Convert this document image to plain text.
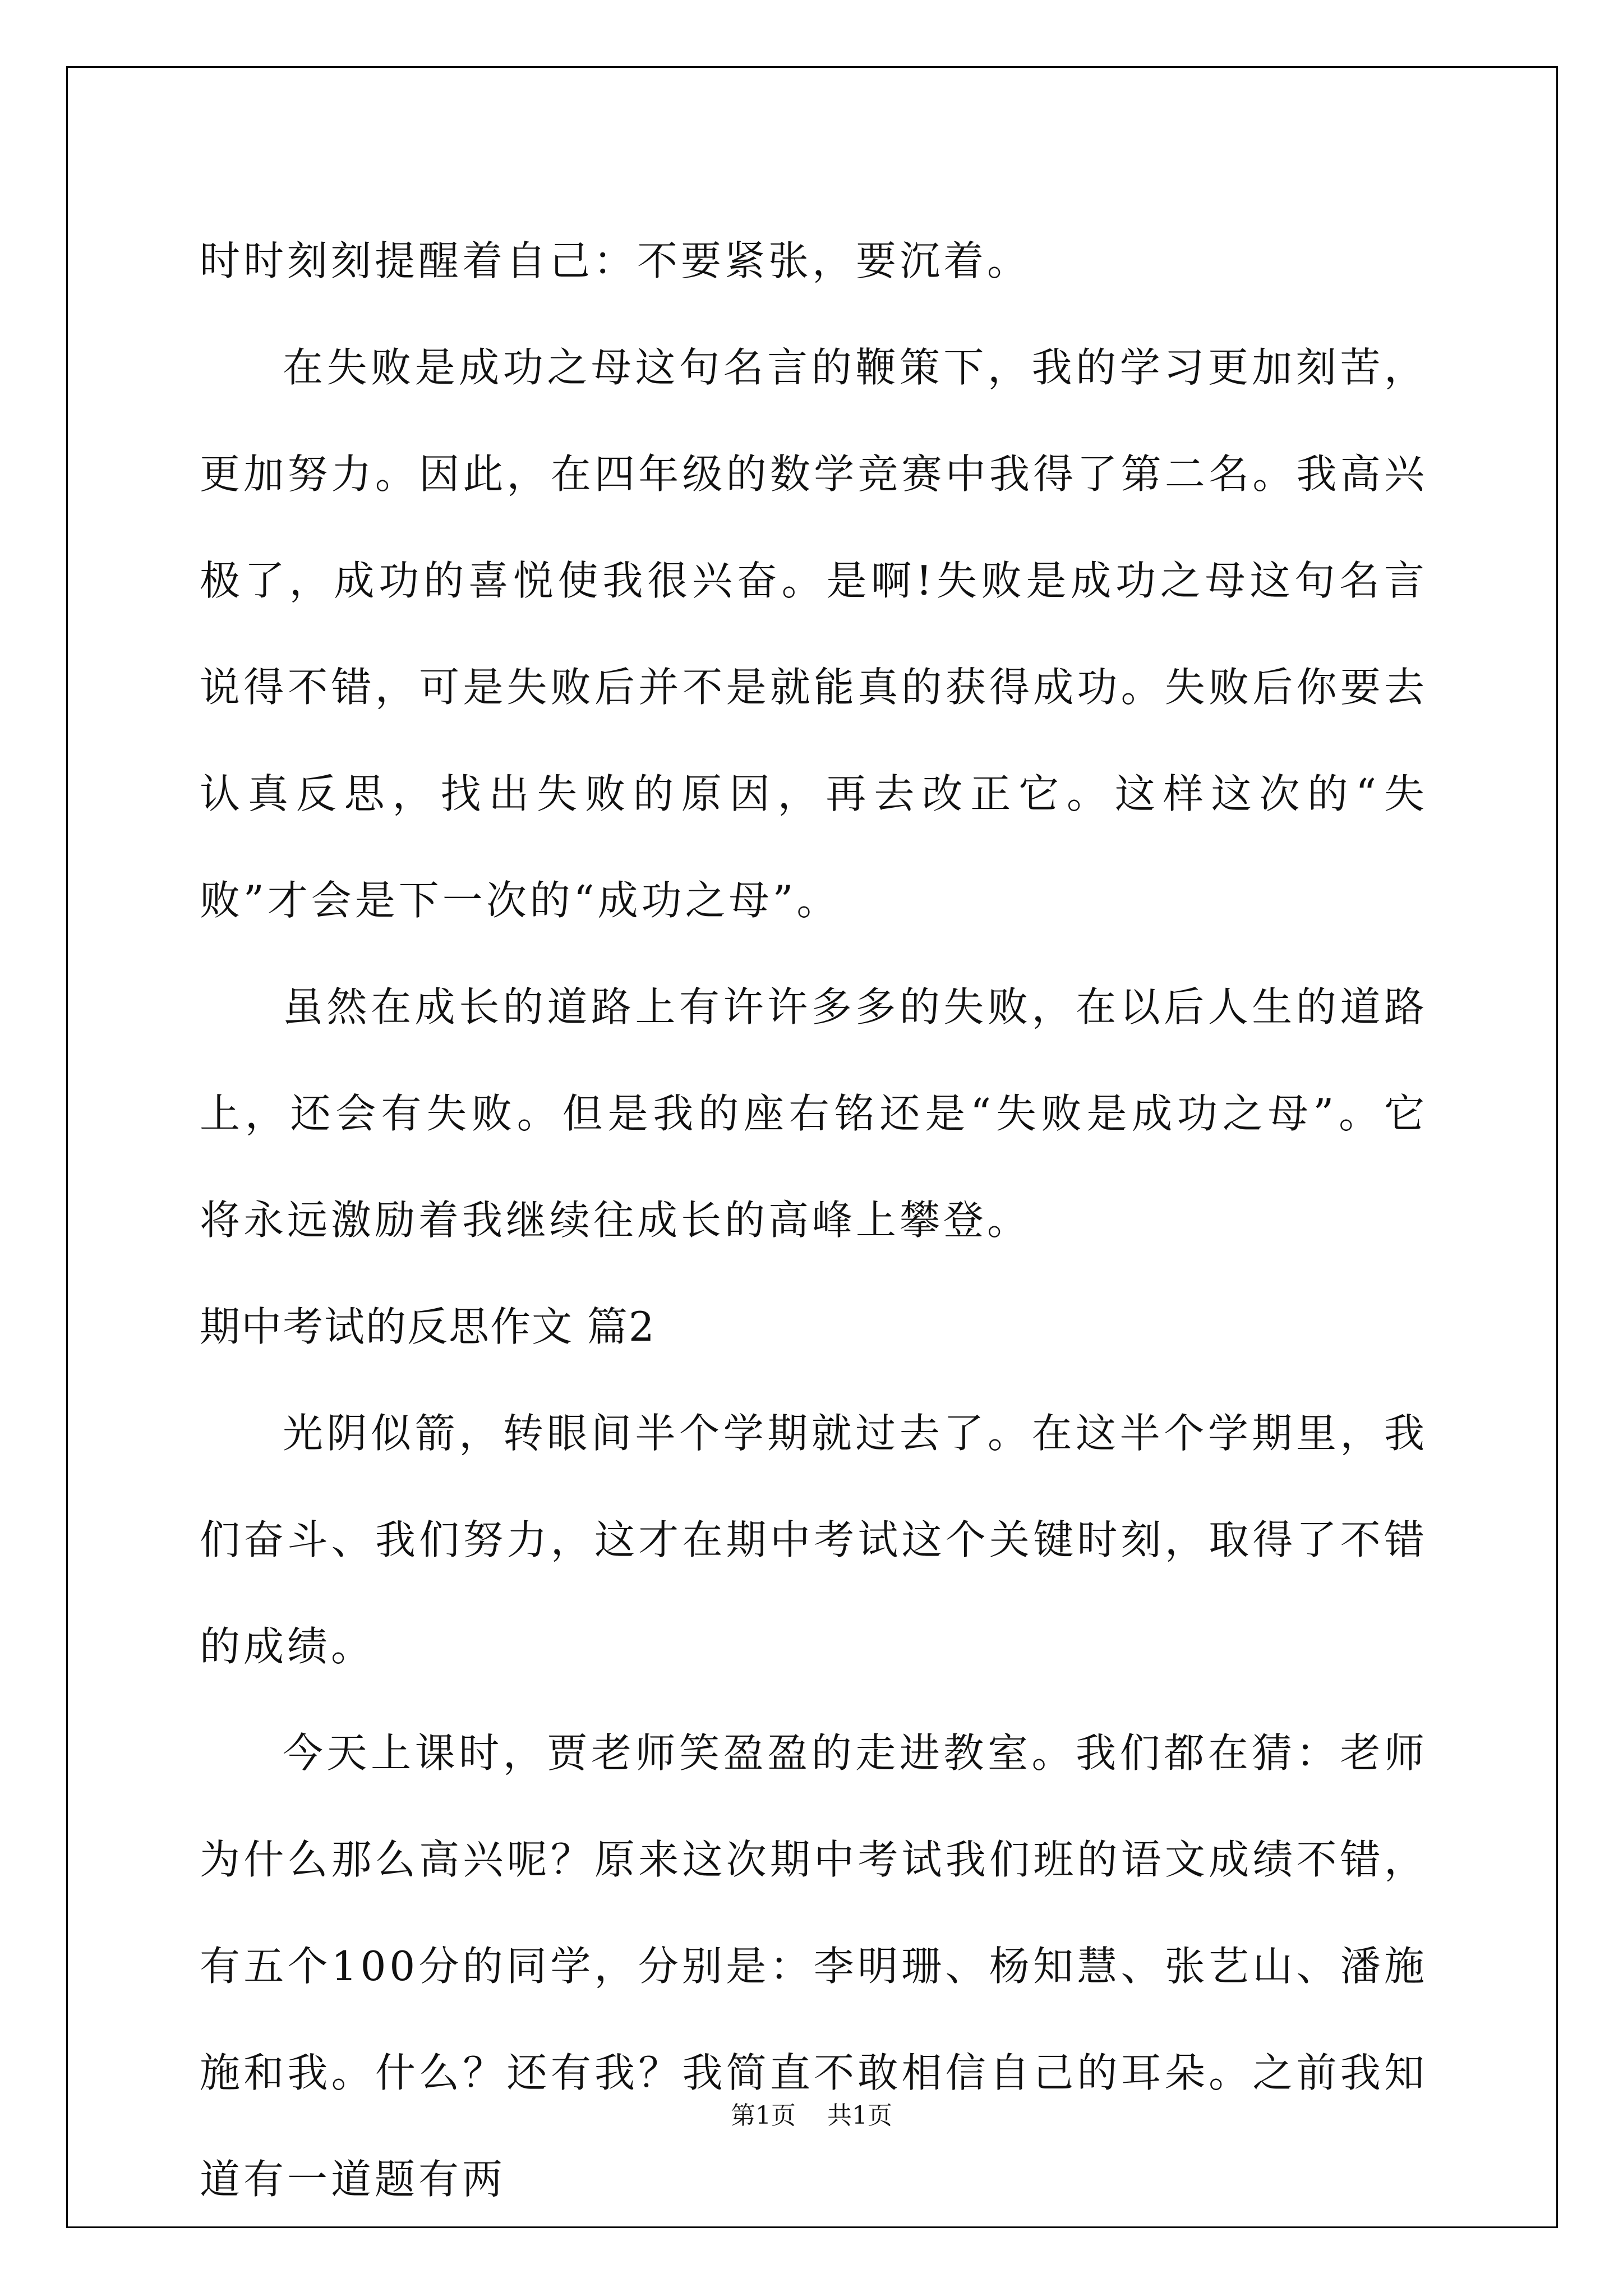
时时刻刻提醒着自己：不要紧张，要沉着。

在失败是成功之母这句名言的鞭策下，我的学习更加刻苦，更加努力。因此，在四年级的数学竞赛中我得了第二名。我高兴极了，成功的喜悦使我很兴奋。是啊!失败是成功之母这句名言说得不错，可是失败后并不是就能真的获得成功。失败后你要去认真反思，找出失败的原因，再去改正它。这样这次的“失败”才会是下一次的“成功之母”。

虽然在成长的道路上有许许多多的失败，在以后人生的道路上，还会有失败。但是我的座右铭还是“失败是成功之母”。它将永远激励着我继续往成长的高峰上攀登。

期中考试的反思作文 篇2

光阴似箭，转眼间半个学期就过去了。在这半个学期里，我们奋斗、我们努力，这才在期中考试这个关键时刻，取得了不错的成绩。

今天上课时，贾老师笑盈盈的走进教室。我们都在猜：老师为什么那么高兴呢？原来这次期中考试我们班的语文成绩不错，有五个100分的同学，分别是：李明珊、杨知慧、张艺山、潘施施和我。什么？还有我？我简直不敢相信自己的耳朵。之前我知道有一道题有两

第1页 共1页
